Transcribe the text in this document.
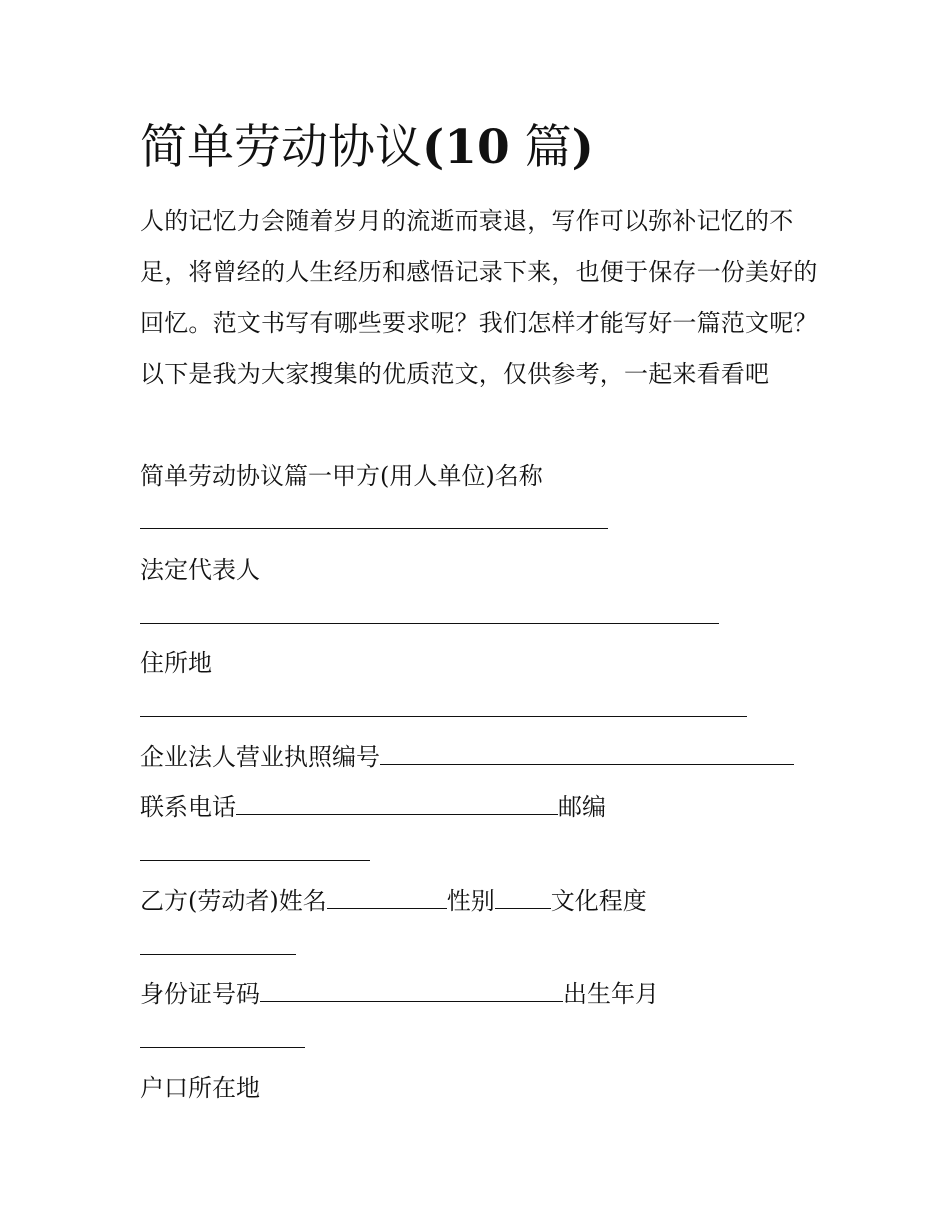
简单劳动协议(10 篇)

人的记忆力会随着岁月的流逝而衰退，写作可以弥补记忆的不足，将曾经的人生经历和感悟记录下来，也便于保存一份美好的回忆。范文书写有哪些要求呢？我们怎样才能写好一篇范文呢？以下是我为大家搜集的优质范文，仅供参考，一起来看看吧

简单劳动协议篇一甲方(用人单位)名称
法定代表人
住所地
企业法人营业执照编号
联系电话	邮编
乙方(劳动者)姓名	性别 文化程度
身份证号码	出生年月
户口所在地
